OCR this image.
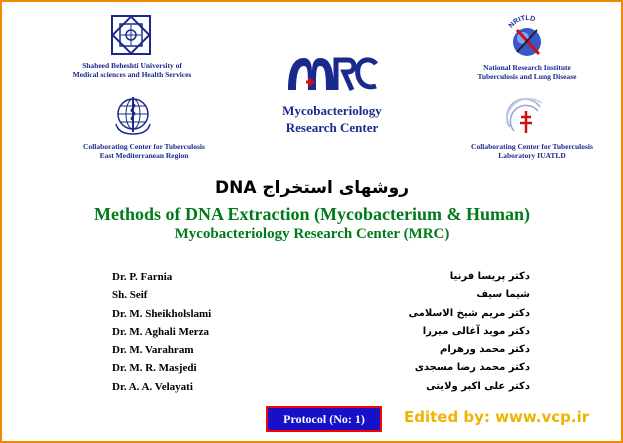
Shaheed Beheshti University of
Medical sciences and Health Services
Collaborating Center for Tuberculosis
East Mediterranean Region
MRC
Mycobacteriology
Research Center
NRITLD
National Research Institute
Tuberculosis and Lung Disease
Collaborating Center for Tuberculosis
Laboratory IUATLD
روشهای استخراج DNA
Methods of DNA Extraction (Mycobacterium & Human)
Mycobacteriology Research Center (MRC)
Dr. P. Farnia
Sh. Seif
Dr. M. Sheikholslami
Dr. M. Aghali Merza
Dr. M. Varahram
Dr. M. R. Masjedi
Dr. A. A. Velayati
دکتر پریسا فرنیا
شیما سیف
دکتر مریم شیخ الاسلامی
دکتر موید آغالی میرزا
دکتر محمد ورهرام
دکتر محمد رضا مسجدی
دکتر علی اکبر ولایتی
Protocol (No: 1)	Edited by: www.vcp.ir
